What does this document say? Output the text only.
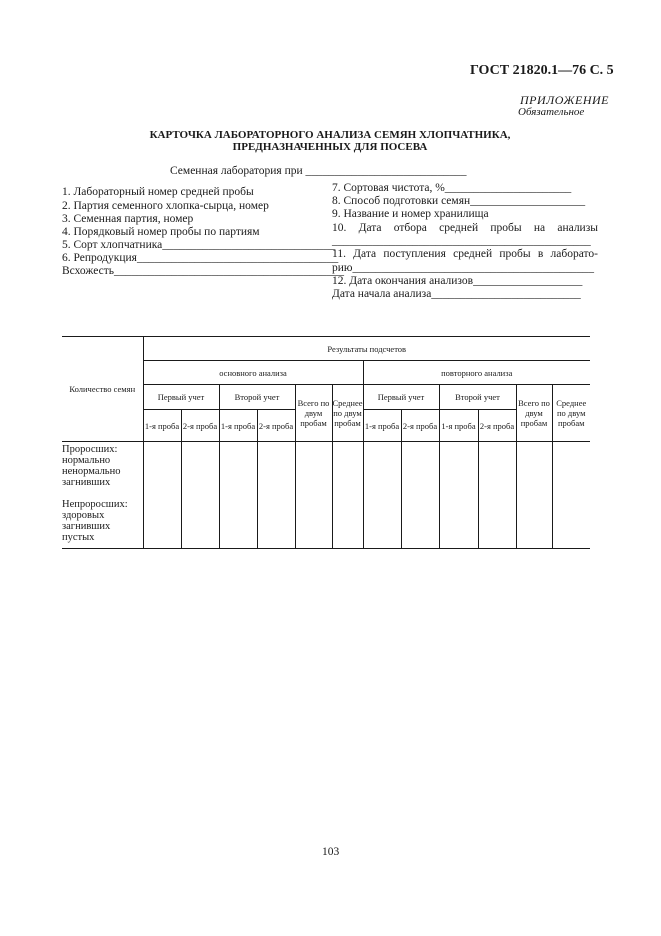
ГОСТ 21820.1—76 С. 5
ПРИЛОЖЕНИЕ
Обязательное
КАРТОЧКА ЛАБОРАТОРНОГО АНАЛИЗА СЕМЯН ХЛОПЧАТНИКА,
ПРЕДНАЗНАЧЕННЫХ ДЛЯ ПОСЕВА
Семенная лаборатория при ____________________________
1. Лабораторный номер средней пробы
2. Партия семенного хлопка-сырца, номер
3. Семенная партия, номер
4. Порядковый номер пробы по партиям
5. Сорт хлопчатника______________________________
6. Репродукция___________________________________
Всхожесть________________________________________
7. Сортовая чистота, %______________________
8. Способ подготовки семян____________________
9. Название и номер хранилища
10. Дата отбора средней пробы на анализы
_____________________________________________
11. Дата поступления средней пробы в лаборато-
рию__________________________________________
12. Дата окончания анализов___________________
Дата начала анализа__________________________
Количество семян	Результаты подсчетов											
	основного анализа						повторного анализа					
	Первый учет		Второй учет		Всего по двум пробам	Среднее по двум пробам	Первый учет		Второй учет		Всего по двум пробам	Среднее по двум пробам
	1-я проба	2-я проба	1-я проба	2-я проба			1-я проба	2-я проба	1-я проба	2-я проба		

Проросших: нормально ненормально загнивших
Непроросших: здоровых загнивших пустых												

103
